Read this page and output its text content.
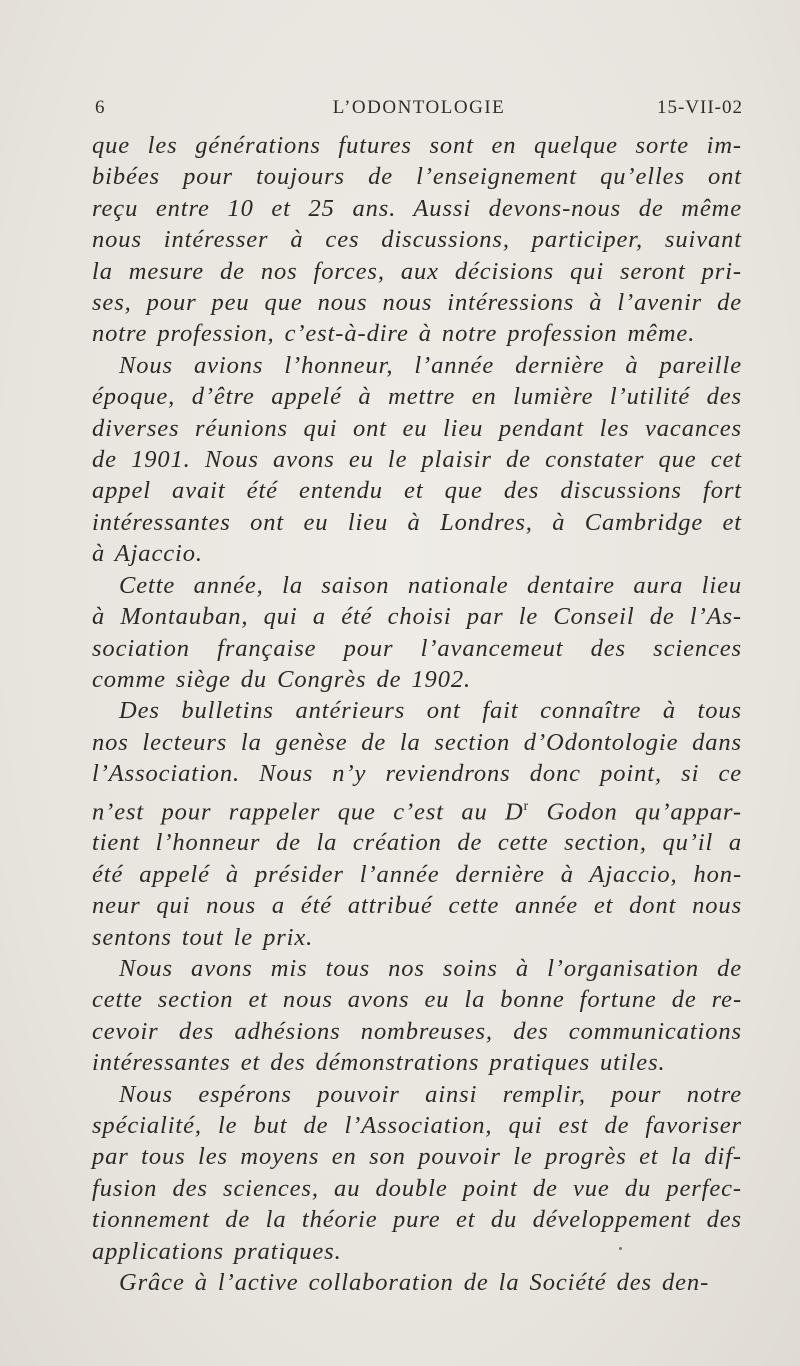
6	L’ODONTOLOGIE	15-VII-02

que les générations futures sont en quelque sorte im-
bibées pour toujours de l’enseignement qu’elles ont
reçu entre 10 et 25 ans. Aussi devons-nous de même
nous intéresser à ces discussions, participer, suivant
la mesure de nos forces, aux décisions qui seront pri-
ses, pour peu que nous nous intéressions à l’avenir de
notre profession, c’est-à-dire à notre profession même.

Nous avions l’honneur, l’année dernière à pareille
époque, d’être appelé à mettre en lumière l’utilité des
diverses réunions qui ont eu lieu pendant les vacances
de 1901. Nous avons eu le plaisir de constater que cet
appel avait été entendu et que des discussions fort
intéressantes ont eu lieu à Londres, à Cambridge et
à Ajaccio.

Cette année, la saison nationale dentaire aura lieu
à Montauban, qui a été choisi par le Conseil de l’As-
sociation française pour l’avancemeut des sciences
comme siège du Congrès de 1902.

Des bulletins antérieurs ont fait connaître à tous
nos lecteurs la genèse de la section d’Odontologie dans
l’Association. Nous n’y reviendrons donc point, si ce
n’est pour rappeler que c’est au $D^r$ Godon qu’appar-
tient l’honneur de la création de cette section, qu’il a
été appelé à présider l’année dernière à Ajaccio, hon-
neur qui nous a été attribué cette année et dont nous
sentons tout le prix.

Nous avons mis tous nos soins à l’organisation de
cette section et nous avons eu la bonne fortune de re-
cevoir des adhésions nombreuses, des communications
intéressantes et des démonstrations pratiques utiles.

Nous espérons pouvoir ainsi remplir, pour notre
spécialité, le but de l’Association, qui est de favoriser
par tous les moyens en son pouvoir le progrès et la dif-
fusion des sciences, au double point de vue du perfec-
tionnement de la théorie pure et du développement des
applications pratiques.

Grâce à l’active collaboration de la Société des den-
